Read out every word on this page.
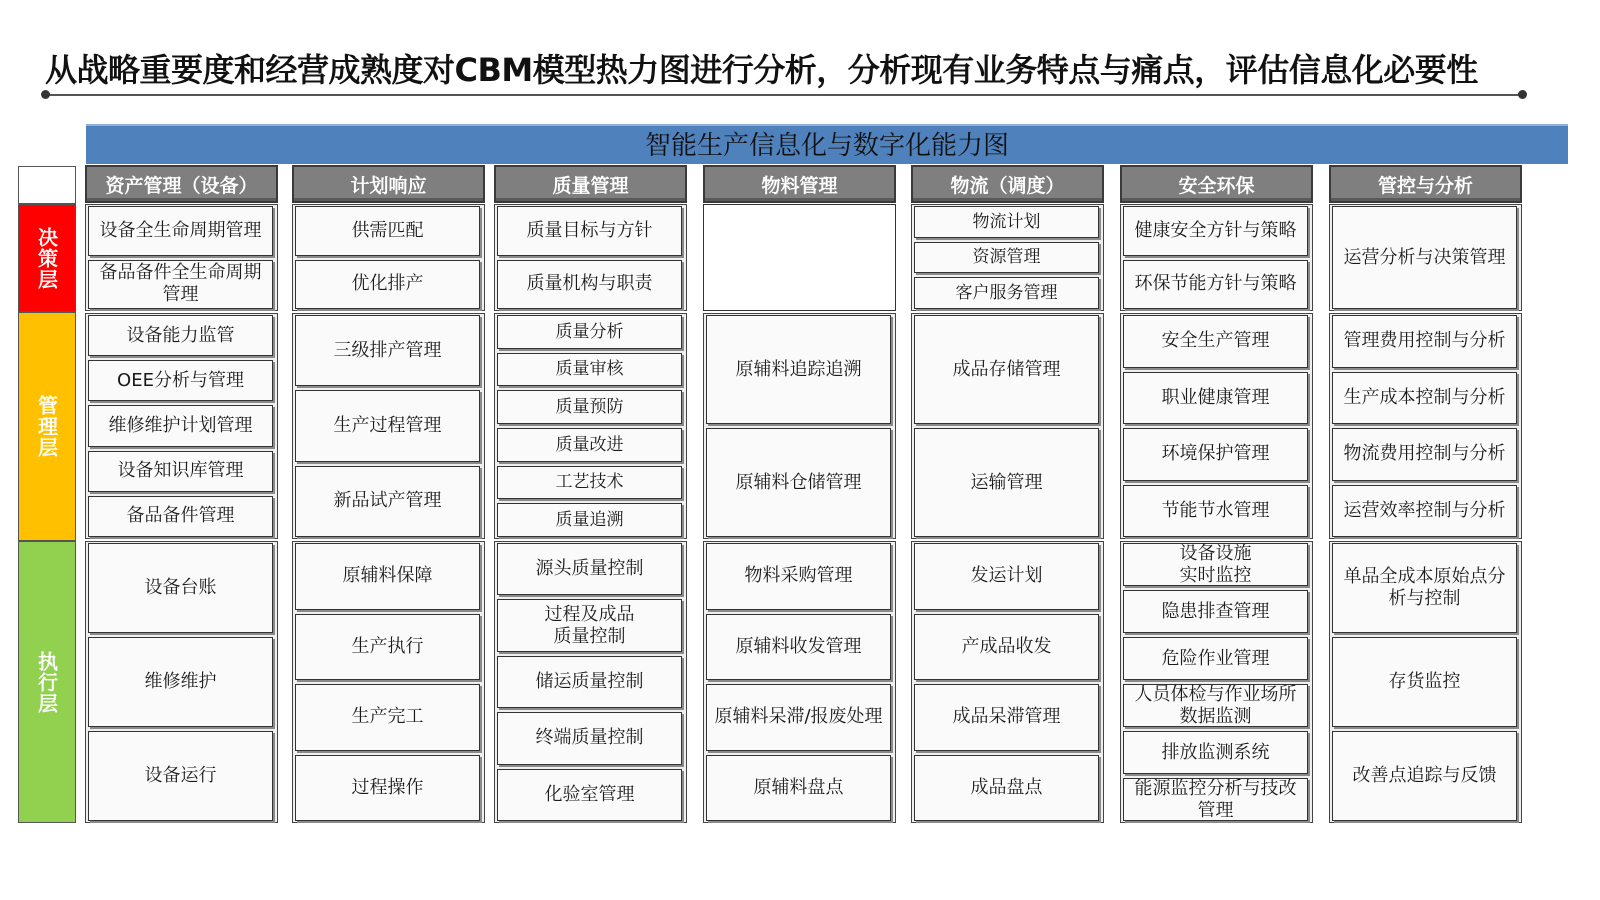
从战略重要度和经营成熟度对CBM模型热力图进行分析，分析现有业务特点与痛点，评估信息化必要性
智能生产信息化与数字化能力图
决策层
管理层
执行层
资产管理（设备）
设备全生命周期管理
备品备件全生命周期管理
设备能力监管
OEE分析与管理
维修维护计划管理
设备知识库管理
备品备件管理
设备台账
维修维护
设备运行
计划响应
供需匹配
优化排产
三级排产管理
生产过程管理
新品试产管理
原辅料保障
生产执行
生产完工
过程操作
质量管理
质量目标与方针
质量机构与职责
质量分析
质量审核
质量预防
质量改进
工艺技术
质量追溯
源头质量控制
过程及成品
质量控制
储运质量控制
终端质量控制
化验室管理
物料管理
原辅料追踪追溯
原辅料仓储管理
物料采购管理
原辅料收发管理
原辅料呆滞/报废处理
原辅料盘点
物流（调度）
物流计划
资源管理
客户服务管理
成品存储管理
运输管理
发运计划
产成品收发
成品呆滞管理
成品盘点
安全环保
健康安全方针与策略
环保节能方针与策略
安全生产管理
职业健康管理
环境保护管理
节能节水管理
设备设施
实时监控
隐患排查管理
危险作业管理
人员体检与作业场所数据监测
排放监测系统
能源监控分析与技改管理
管控与分析
运营分析与决策管理
管理费用控制与分析
生产成本控制与分析
物流费用控制与分析
运营效率控制与分析
单品全成本原始点分析与控制
存货监控
改善点追踪与反馈
